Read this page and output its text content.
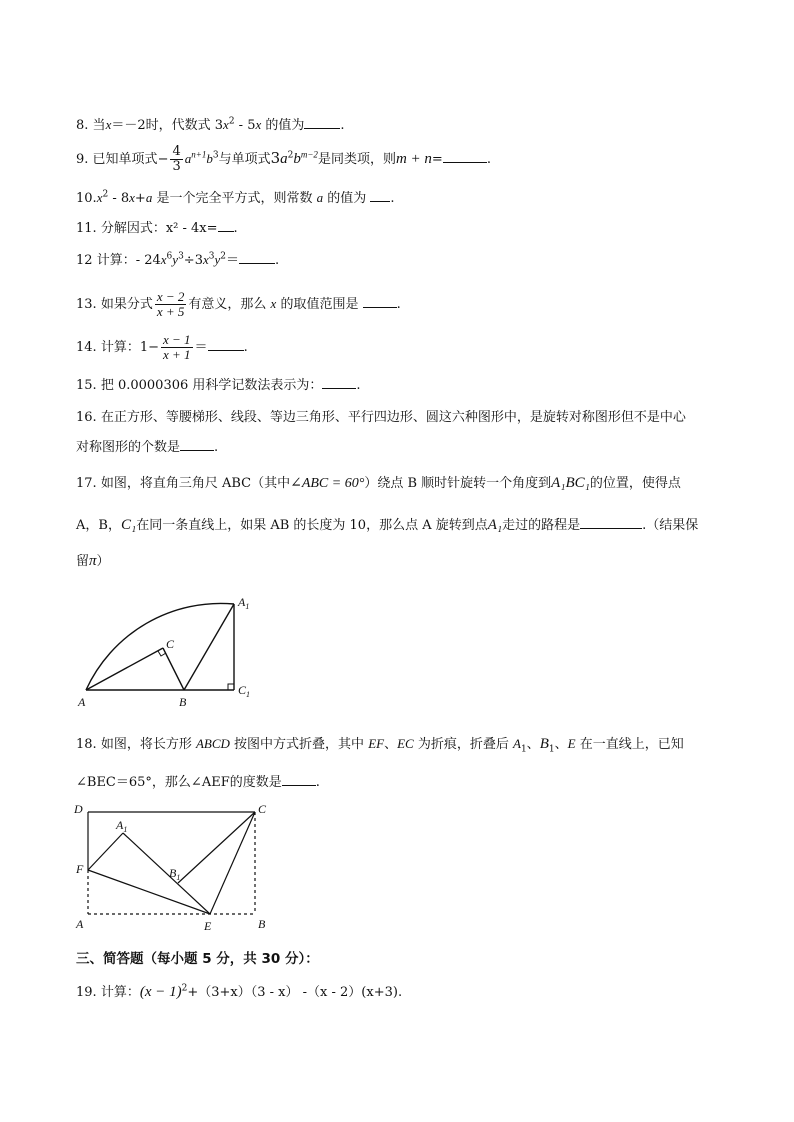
8. 当x＝－2时，代数式 $3x^2 - 5x$ 的值为	.
9. 已知单项式− $\frac{4}{3} a^{n+1}b^3$与单项式$3a^2b^{m-2}$是同类项，则m + n=	.
$10.x^2 - 8x+a$ 是一个完全平方式，则常数 a 的值为 .
11. 分解因式：x² - 4x= .
12 计算：- $24x^6y^3\div 3x^3y^2=$	.
13. 如果分式 $\frac{x - 2}{x + 5}$ 有意义，那么 x 的取值范围是	.
14. 计算：$1- \frac{x - 1}{x + 1}$ ＝	.
15. 把 0.0000306 用科学记数法表示为：	.
16. 在正方形、等腰梯形、线段、等边三角形、平行四边形、圆这六种图形中，是旋转对称图形但不是中心
对称图形的个数是	.
17. 如图，将直角三角尺 ABC（其中∠ABC = 60°）绕点 B 顺时针旋转一个角度到A₁BC₁的位置，使得点
A，B，C₁在同一条直线上，如果 AB 的长度为 10，那么点 A 旋转到点A₁走过的路程是	.（结果保
留π）
A	B
C
$A_1$
$C_1$
18. 如图，将长方形 ABCD 按图中方式折叠，其中 EF、EC 为折痕，折叠后 $A_1$、$B_1$、E 在一直线上，已知
∠BEC＝65°，那么∠AEF的度数是	.
D	C
$A_1$
F	$B_1$
A	E	B
三、简答题（每小题 5 分，共 30 分）：
19. 计算：$(x - 1)^2+(3+x)(3 - x)$ -（x - 2）(x+3).
